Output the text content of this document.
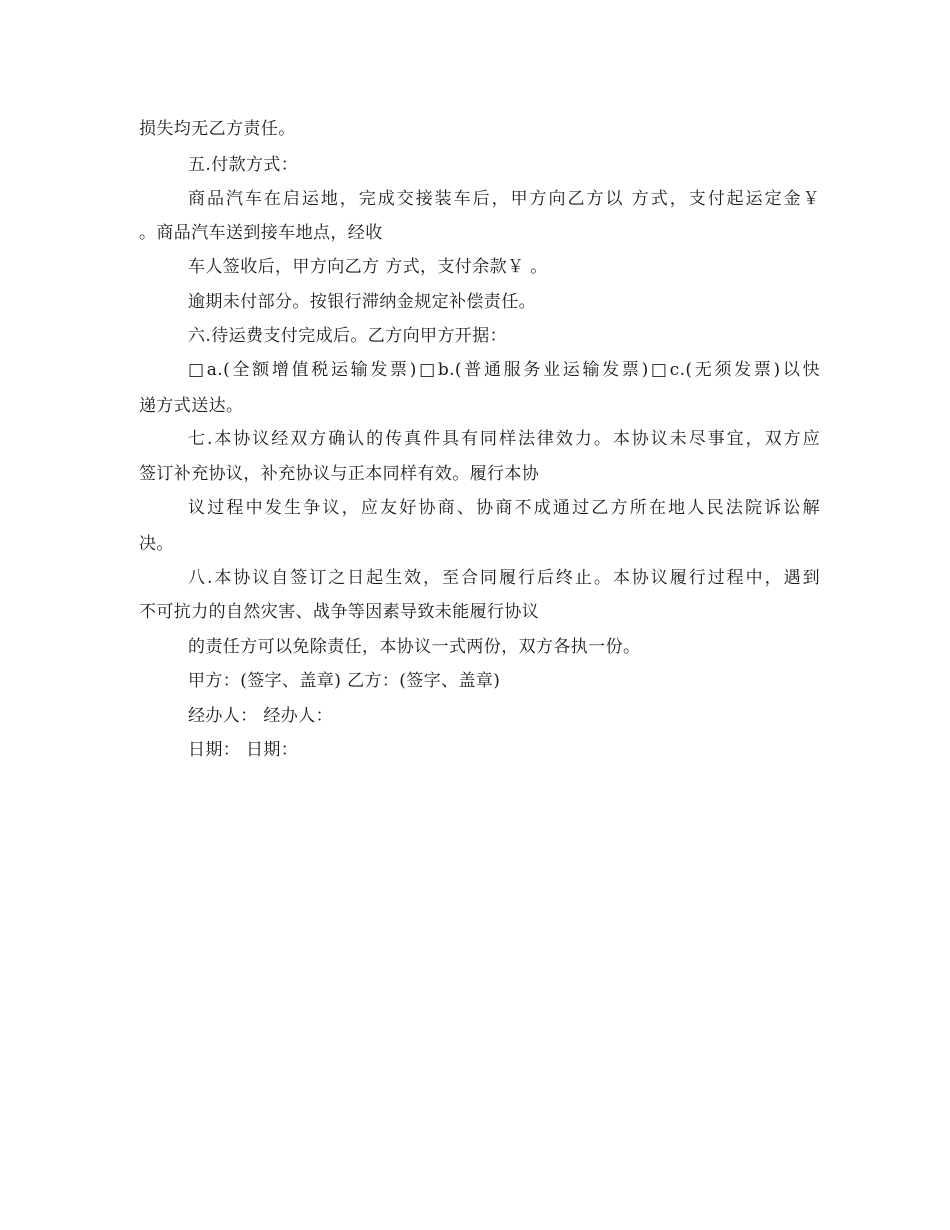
损失均无乙方责任。
五.付款方式：
商品汽车在启运地，完成交接装车后，甲方向乙方以 方式，支付起运定金￥
。商品汽车送到接车地点，经收
车人签收后，甲方向乙方 方式，支付余款￥ 。
逾期未付部分。按银行滞纳金规定补偿责任。
六.待运费支付完成后。乙方向甲方开据：
□a.(全额增值税运输发票)□b.(普通服务业运输发票)□c.(无须发票)以快
递方式送达。
七.本协议经双方确认的传真件具有同样法律效力。本协议未尽事宜，双方应
签订补充协议，补充协议与正本同样有效。履行本协
议过程中发生争议，应友好协商、协商不成通过乙方所在地人民法院诉讼解
决。
八.本协议自签订之日起生效，至合同履行后终止。本协议履行过程中，遇到
不可抗力的自然灾害、战争等因素导致未能履行协议
的责任方可以免除责任，本协议一式两份，双方各执一份。
甲方：(签字、盖章) 乙方：(签字、盖章)
经办人： 经办人：
日期： 日期：
